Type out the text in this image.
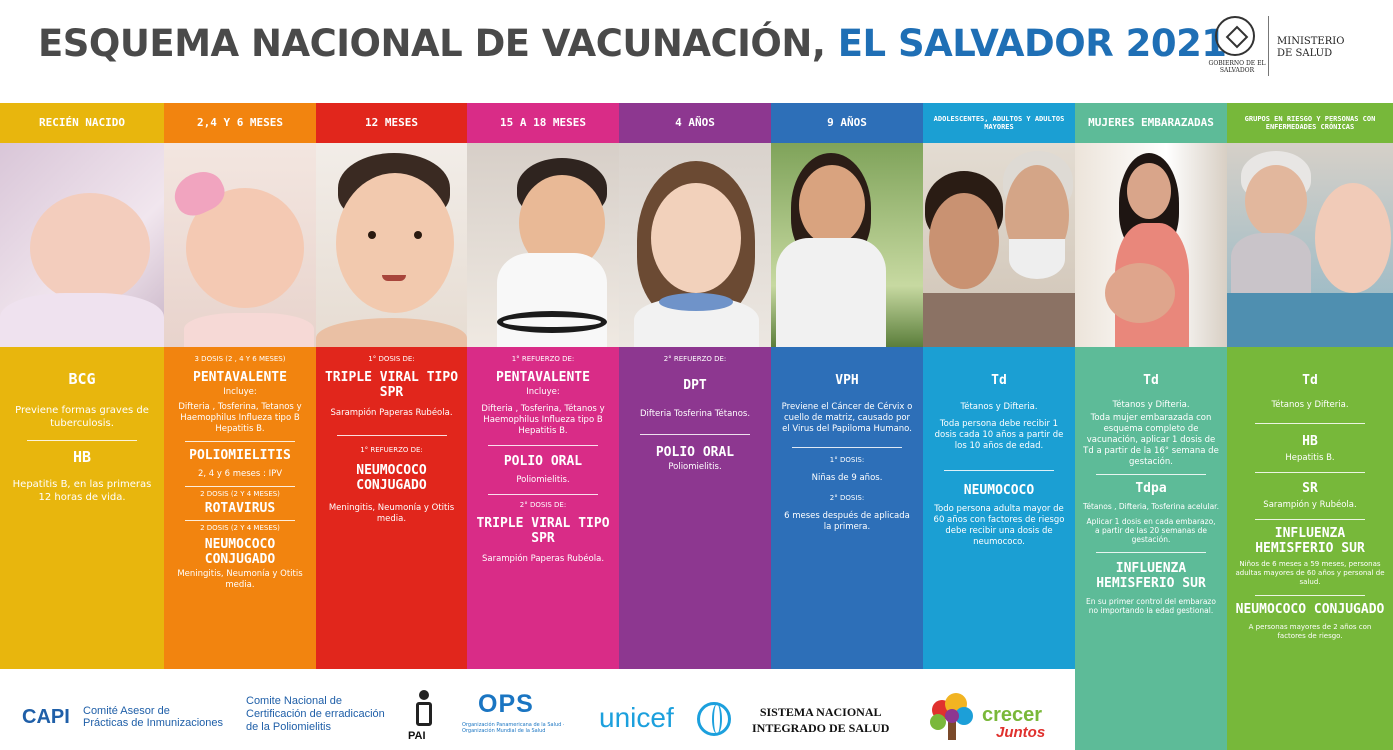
ESQUEMA NACIONAL DE VACUNACIÓN, EL SALVADOR 2021
GOBIERNO DE EL SALVADOR
MINISTERIO
DE SALUD
RECIÉN NACIDO
BCG
Previene formas graves de tuberculosis.
HB
Hepatitis B, en las primeras 12 horas de vida.
2,4 Y 6 MESES
3 DOSIS (2 , 4 Y 6 MESES)
PENTAVALENTE
Incluye:
Difteria , Tosferina, Tetanos y Haemophilus Influeza tipo B Hepatitis B.
POLIOMIELITIS
2, 4 y 6 meses : IPV
2 DOSIS (2 Y 4 MESES)
ROTAVIRUS
2 DOSIS (2 Y 4 MESES)
NEUMOCOCO CONJUGADO
Meningitis, Neumonía y Otitis media.
12 MESES
1° DOSIS DE:
TRIPLE VIRAL TIPO SPR
Sarampión Paperas Rubéola.
1° REFUERZO DE:
NEUMOCOCO CONJUGADO
Meningitis, Neumonía y Otitis media.
15 A 18 MESES
1° REFUERZO DE:
PENTAVALENTE
Incluye:
Difteria , Tosferina, Tétanos y Haemophilus Influeza tipo B Hepatitis B.
POLIO ORAL
Poliomielitis.
2° DOSIS DE:
TRIPLE VIRAL TIPO SPR
Sarampión Paperas Rubéola.
4 AÑOS
2° REFUERZO DE:
DPT
Difteria Tosferina Tétanos.
POLIO ORAL
Poliomielitis.
9 AÑOS
VPH
Previene el Cáncer de Cérvix o cuello de matriz, causado por el Virus del Papiloma Humano.
1° DOSIS:
Niñas de 9 años.
2° DOSIS:
6 meses después de aplicada la primera.
ADOLESCENTES, ADULTOS Y ADULTOS MAYORES
Td
Tétanos y Difteria.
Toda persona debe recibir 1 dosis cada 10 años a partir de los 10 años de edad.
NEUMOCOCO
Todo persona adulta mayor de 60 años con factores de riesgo debe recibir una dosis de neumococo.
MUJERES EMBARAZADAS
Td
Tétanos y Difteria.
Toda mujer embarazada con esquema completo de vacunación, aplicar 1 dosis de Td a partir de la 16° semana de gestación.
Tdpa
Tétanos , Difteria, Tosferina acelular.
Aplicar 1 dosis en cada embarazo, a partir de las 20 semanas de gestación.
INFLUENZA HEMISFERIO SUR
En su primer control del embarazo no importando la edad gestional.
GRUPOS EN RIESGO Y PERSONAS CON ENFERMEDADES CRÓNICAS
Td
Tétanos y Difteria.
HB
Hepatitis B.
SR
Sarampión y Rubéola.
INFLUENZA HEMISFERIO SUR
Niños de 6 meses a 59 meses, personas adultas mayores de 60 años y personal de salud.
NEUMOCOCO CONJUGADO
A personas mayores de 2 años con factores de riesgo.
CAPI Comité Asesor de
Prácticas de Inmunizaciones
Comite Nacional de
Certificación de erradicación
de la Poliomielitis
PAI
OPS
Organización Panamericana de la Salud · Organización Mundial de la Salud	unicef	SISTEMA NACIONAL
INTEGRADO DE SALUD
crecer
Juntos
